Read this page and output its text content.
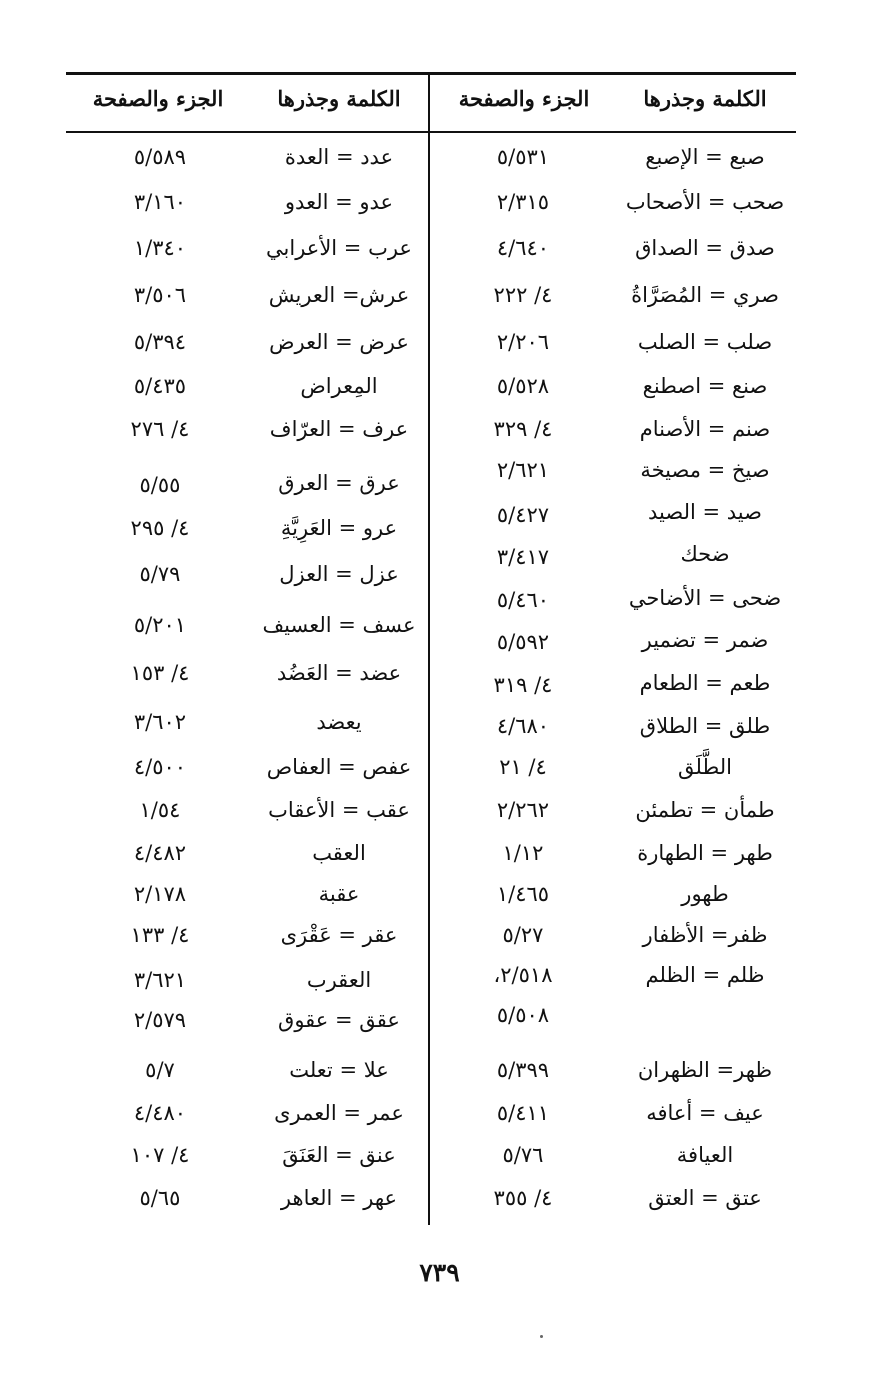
الكلمة وجذرها
الجزء والصفحة
الكلمة وجذرها
الجزء والصفحة
صبع = الإصبع
صحب = الأصحاب
صدق = الصداق
صري = المُصَرَّاةُ
صلب = الصلب
صنع = اصطنع
صنم = الأصنام
صيخ = مصيخة
صيد = الصيد
ضحك
ضحى = الأضاحي
ضمر = تضمير
طعم = الطعام
طلق = الطلاق
الطَّلَق
طمأن = تطمئن
طهر = الطهارة
طهور
ظفر= الأظفار
ظلم = الظلم
ظهر= الظهران
عيف = أعافه
العيافة
عتق = العتق
٥/٥٣١
٢/٣١٥
٤/٦٤٠
٤/ ٢٢٢
٢/٢٠٦
٥/٥٢٨
٤/ ٣٢٩
٢/٦٢١
٥/٤٢٧
٣/٤١٧
٥/٤٦٠
٥/٥٩٢
٤/ ٣١٩
٤/٦٨٠
٤/ ٢١
٢/٢٦٢
١/١٢
١/٤٦٥
٥/٢٧
٢/٥١٨،
٥/٥٠٨
٥/٣٩٩
٥/٤١١
٥/٧٦
٤/ ٣٥٥
عدد = العدة
عدو = العدو
عرب = الأعرابي
عرش= العريش
عرض = العرض
المِعراض
عرف = العرّاف
عرق = العرق
عرو = العَرِيَّةِ
عزل = العزل
عسف = العسيف
عضد = العَضُد
يعضد
عفص = العفاص
عقب = الأعقاب
العقب
عقبة
عقر = عَقْرَى
العقرب
عقق = عقوق
علا = تعلت
عمر = العمرى
عنق = العَنَقَ
عهر = العاهر
٥/٥٨٩
٣/١٦٠
١/٣٤٠
٣/٥٠٦
٥/٣٩٤
٥/٤٣٥
٤/ ٢٧٦
٥/٥٥
٤/ ٢٩٥
٥/٧٩
٥/٢٠١
٤/ ١٥٣
٣/٦٠٢
٤/٥٠٠
١/٥٤
٤/٤٨٢
٢/١٧٨
٤/ ١٣٣
٣/٦٢١
٢/٥٧٩
٥/٧
٤/٤٨٠
٤/ ١٠٧
٥/٦٥
٧٣٩
